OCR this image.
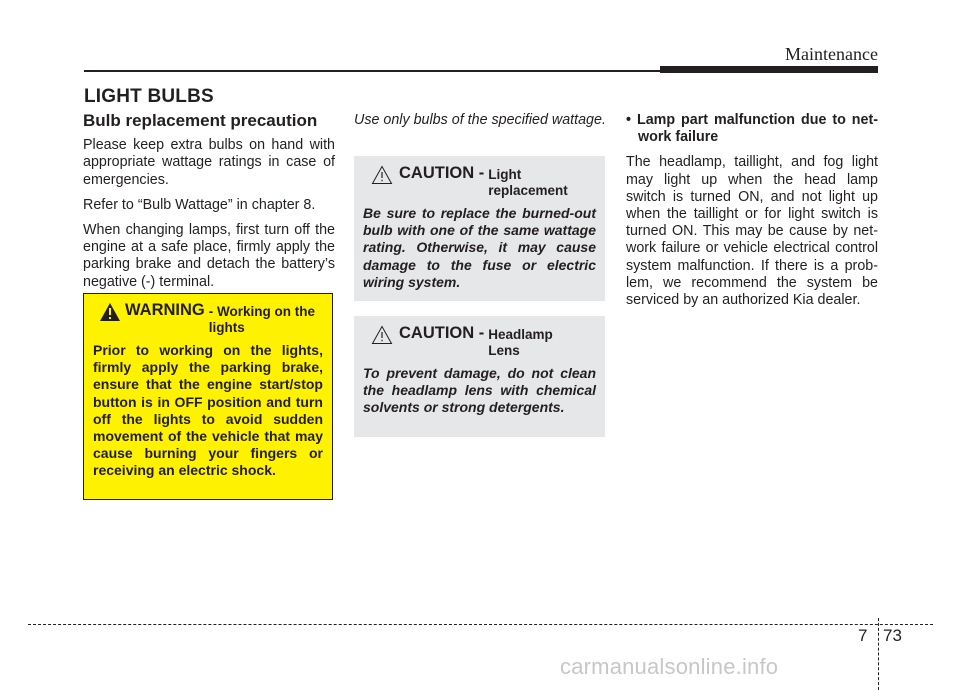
Maintenance
LIGHT BULBS
Bulb replacement precaution

Please keep extra bulbs on hand with appropriate wattage ratings in case of emergencies.

Refer to “Bulb Wattage” in chapter 8.

When changing lamps, first turn off the engine at a safe place, firmly apply the parking brake and detach the battery’s negative (-) terminal.

WARNING - Working on the lights
Prior to working on the lights, firmly apply the parking brake, ensure that the engine start/stop button is in OFF position and turn off the lights to avoid sudden movement of the vehicle that may cause burning your fingers or receiving an electric shock.

Use only bulbs of the specified wattage.

CAUTION - Light replacement
Be sure to replace the burned-out bulb with one of the same wattage rating. Otherwise, it may cause damage to the fuse or electric wiring system.
CAUTION - Headlamp Lens
To prevent damage, do not clean the headlamp lens with chemical solvents or strong detergents.

• Lamp part malfunction due to net-work failure

The headlamp, taillight, and fog light may light up when the head lamp switch is turned ON, and not light up when the taillight or for light switch is turned ON. This may be cause by net-work failure or vehicle electrical control system malfunction. If there is a prob-lem, we recommend the system be serviced by an authorized Kia dealer.

7 73
carmanualsonline.info
